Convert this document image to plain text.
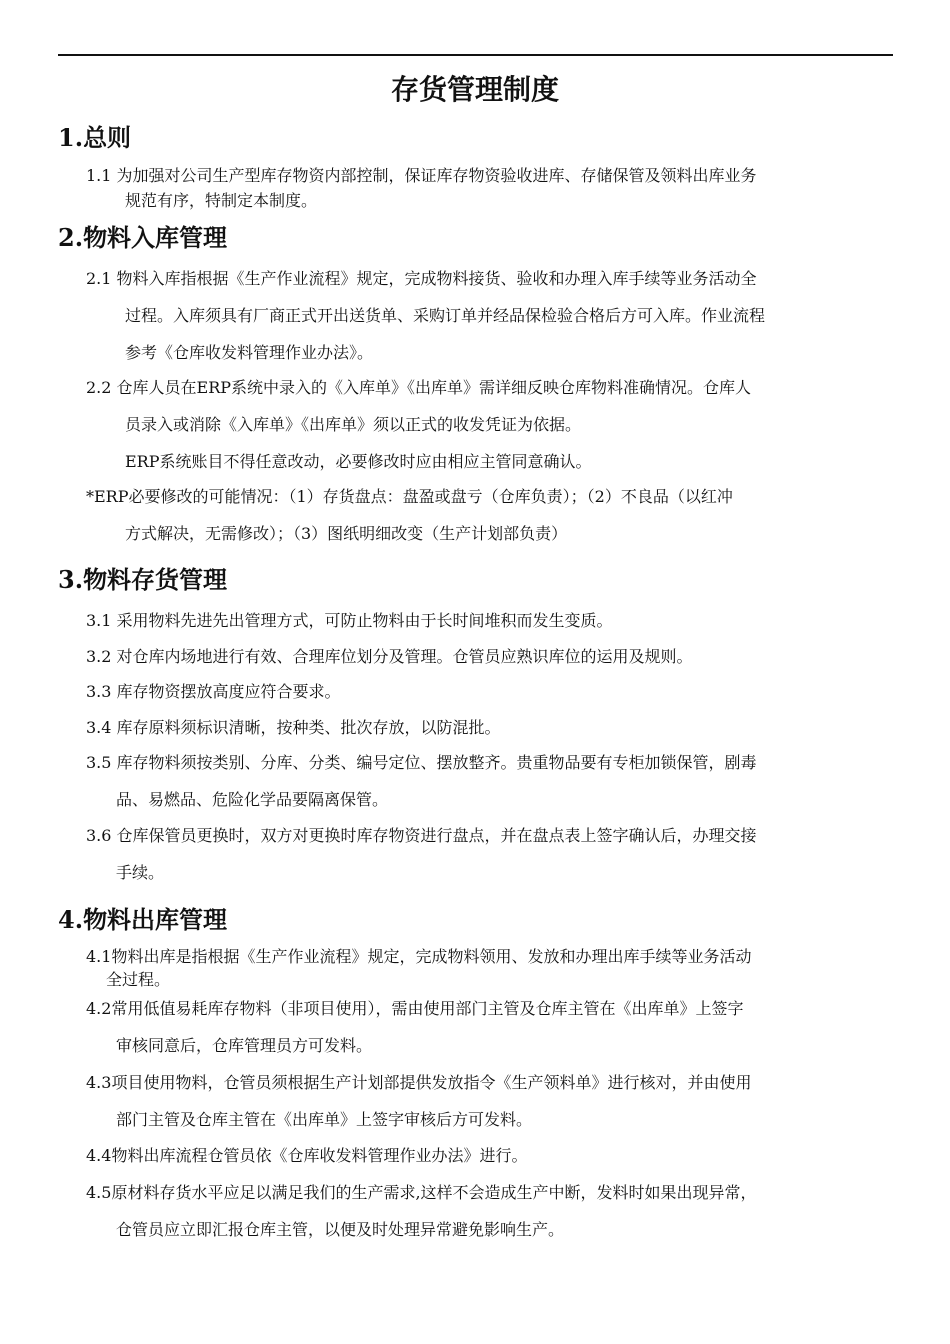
存货管理制度
1.总则
2.物料入库管理
3.物料存货管理
4.物料出库管理
1.1 为加强对公司生产型库存物资内部控制，保证库存物资验收进库、存储保管及领料出库业务
规范有序，特制定本制度。
2.1 物料入库指根据《生产作业流程》规定，完成物料接货、验收和办理入库手续等业务活动全
过程。入库须具有厂商正式开出送货单、采购订单并经品保检验合格后方可入库。作业流程
参考《仓库收发料管理作业办法》。
2.2 仓库人员在ERP系统中录入的《入库单》《出库单》需详细反映仓库物料准确情况。仓库人
员录入或消除《入库单》《出库单》须以正式的收发凭证为依据。
ERP系统账目不得任意改动，必要修改时应由相应主管同意确认。
*ERP必要修改的可能情况：（1）存货盘点：盘盈或盘亏（仓库负责）；（2）不良品（以红冲
方式解决，无需修改）；（3）图纸明细改变（生产计划部负责）
3.1 采用物料先进先出管理方式，可防止物料由于长时间堆积而发生变质。
3.2 对仓库内场地进行有效、合理库位划分及管理。仓管员应熟识库位的运用及规则。
3.3 库存物资摆放高度应符合要求。
3.4 库存原料须标识清晰，按种类、批次存放，以防混批。
3.5 库存物料须按类别、分库、分类、编号定位、摆放整齐。贵重物品要有专柜加锁保管，剧毒
品、易燃品、危险化学品要隔离保管。
3.6 仓库保管员更换时，双方对更换时库存物资进行盘点，并在盘点表上签字确认后，办理交接
手续。
4.1物料出库是指根据《生产作业流程》规定，完成物料领用、发放和办理出库手续等业务活动
全过程。
4.2常用低值易耗库存物料（非项目使用），需由使用部门主管及仓库主管在《出库单》上签字
审核同意后，仓库管理员方可发料。
4.3项目使用物料，仓管员须根据生产计划部提供发放指令《生产领料单》进行核对，并由使用
部门主管及仓库主管在《出库单》上签字审核后方可发料。
4.4物料出库流程仓管员依《仓库收发料管理作业办法》进行。
4.5原材料存货水平应足以满足我们的生产需求,这样不会造成生产中断，发料时如果出现异常，
仓管员应立即汇报仓库主管，以便及时处理异常避免影响生产。
